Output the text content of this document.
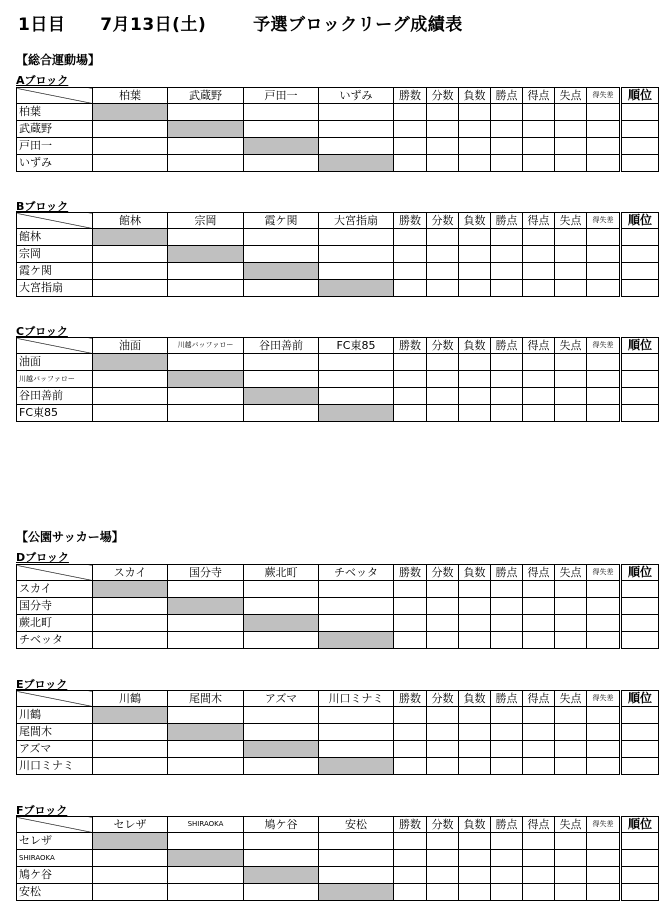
1日目 7月13日(土)	予選ブロックリーグ成績表
【総合運動場】
【公園サッカー場】
Aブロック
	柏葉	武蔵野	戸田一	いずみ	勝数	分数	負数	勝点	得点	失点	得失差	順位
柏葉												
武蔵野												
戸田一												
いずみ												
Bブロック
	館林	宗岡	霞ケ関	大宮指扇	勝数	分数	負数	勝点	得点	失点	得失差	順位
館林												
宗岡												
霞ケ関												
大宮指扇												
Cブロック
	油面	川越バッファロー	谷田善前	FC東85	勝数	分数	負数	勝点	得点	失点	得失差	順位
油面												
川越バッファロー												
谷田善前												
FC東85												
Dブロック
	スカイ	国分寺	蕨北町	チベッタ	勝数	分数	負数	勝点	得点	失点	得失差	順位
スカイ												
国分寺												
蕨北町												
チベッタ												
Eブロック
	川鶴	尾間木	アズマ	川口ミナミ	勝数	分数	負数	勝点	得点	失点	得失差	順位
川鶴												
尾間木												
アズマ												
川口ミナミ												
Fブロック
	セレザ	SHIRAOKA	鳩ケ谷	安松	勝数	分数	負数	勝点	得点	失点	得失差	順位
セレザ												
SHIRAOKA												
鳩ケ谷												
安松												
